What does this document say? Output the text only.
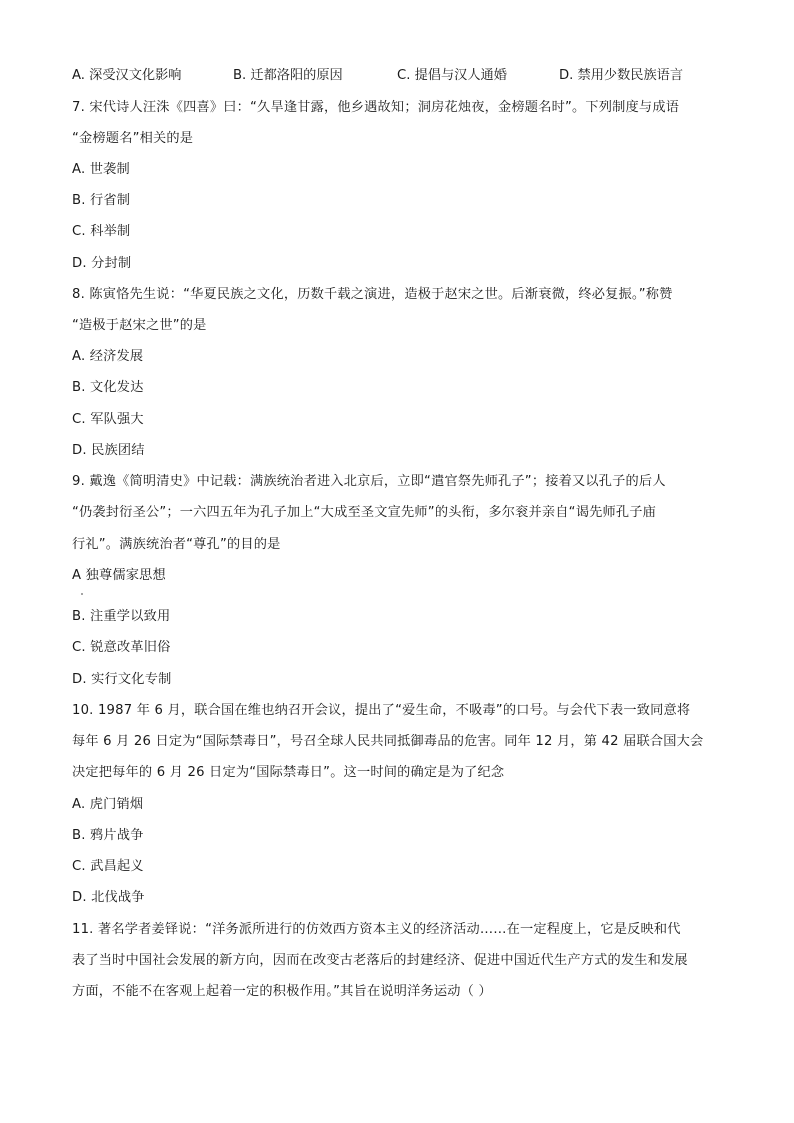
A. 深受汉文化影响	B. 迁都洛阳的原因	C. 提倡与汉人通婚	D. 禁用少数民族语言
7. 宋代诗人汪洙《四喜》曰：“久旱逢甘露，他乡遇故知；洞房花烛夜，金榜题名时”。下列制度与成语
“金榜题名”相关的是
A. 世袭制
B. 行省制
C. 科举制
D. 分封制
8. 陈寅恪先生说：“华夏民族之文化，历数千载之演进，造极于赵宋之世。后渐衰微，终必复振。”称赞
“造极于赵宋之世”的是
A. 经济发展
B. 文化发达
C. 军队强大
D. 民族团结
9. 戴逸《简明清史》中记载：满族统治者进入北京后，立即“遣官祭先师孔子”；接着又以孔子的后人
“仍袭封衍圣公”；一六四五年为孔子加上“大成至圣文宣先师”的头衔，多尔衮并亲自“谒先师孔子庙
行礼”。满族统治者“尊孔”的目的是
A 独尊儒家思想
B. 注重学以致用
C. 锐意改革旧俗
D. 实行文化专制
10. 1987 年 6 月，联合国在维也纳召开会议，提出了“爱生命，不吸毒”的口号。与会代下表一致同意将
每年 6 月 26 日定为“国际禁毒日”，号召全球人民共同抵御毒品的危害。同年 12 月，第 42 届联合国大会
决定把每年的 6 月 26 日定为“国际禁毒日”。这一时间的确定是为了纪念
A. 虎门销烟
B. 鸦片战争
C. 武昌起义
D. 北伐战争
11. 著名学者姜铎说：“洋务派所进行的仿效西方资本主义的经济活动……在一定程度上，它是反映和代
表了当时中国社会发展的新方向，因而在改变古老落后的封建经济、促进中国近代生产方式的发生和发展
方面，不能不在客观上起着一定的积极作用。”其旨在说明洋务运动（ ）
